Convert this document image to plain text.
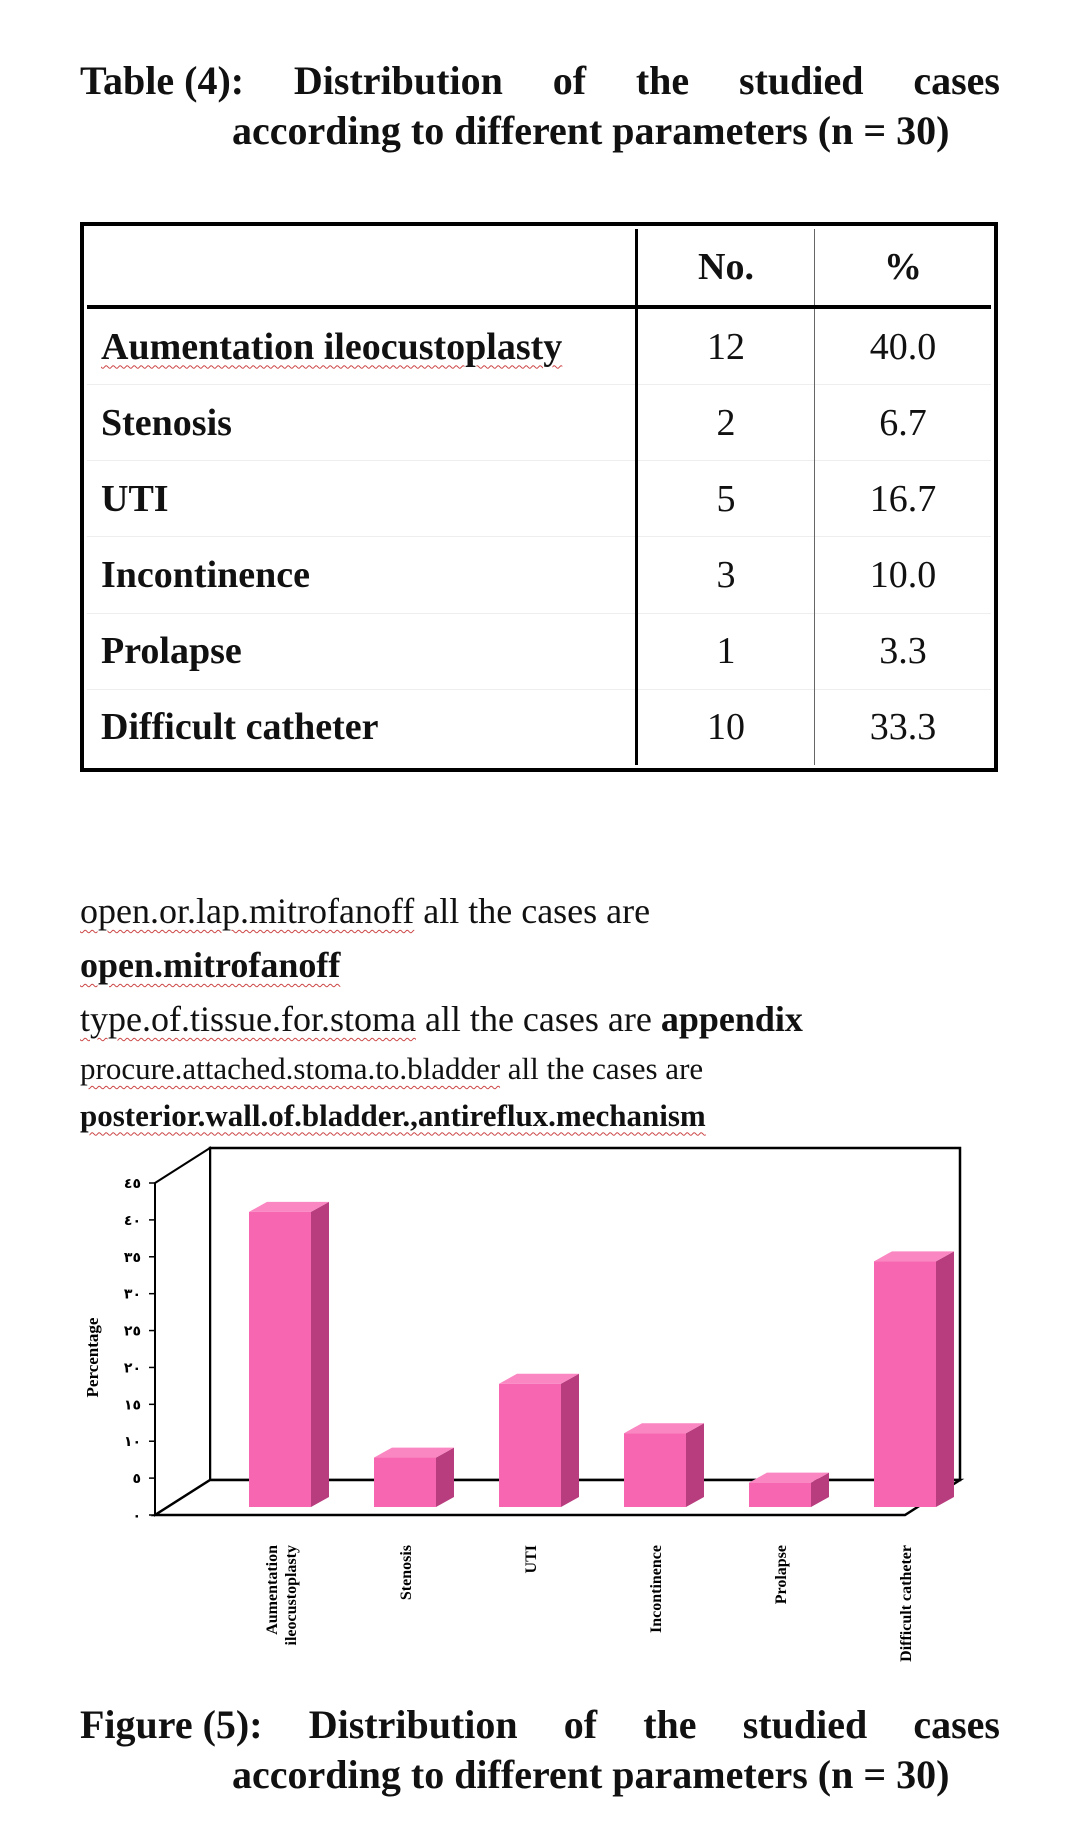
Table (4): Distribution of the studied cases
according to different parameters (n = 30)
	No.	%
Aumentation ileocustoplasty	12	40.0
Stenosis	2	6.7
UTI	5	16.7
Incontinence	3	10.0
Prolapse	1	3.3
Difficult catheter	10	33.3
open.or.lap.mitrofanoff all the cases are
open.mitrofanoff
type.of.tissue.for.stoma all the cases are appendix
procure.attached.stoma.to.bladder all the cases are
posterior.wall.of.bladder.,antireflux.mechanism
٠
٥
١٠
١٥
٢٠
٢٥
٣٠
٣٥
٤٠
٤٥
Percentage
Aumentation ileocustoplasty	Stenosis	UTI	Incontinence	Prolapse	Difficult catheter
Figure (5): Distribution of the studied cases
according to different parameters (n = 30)
